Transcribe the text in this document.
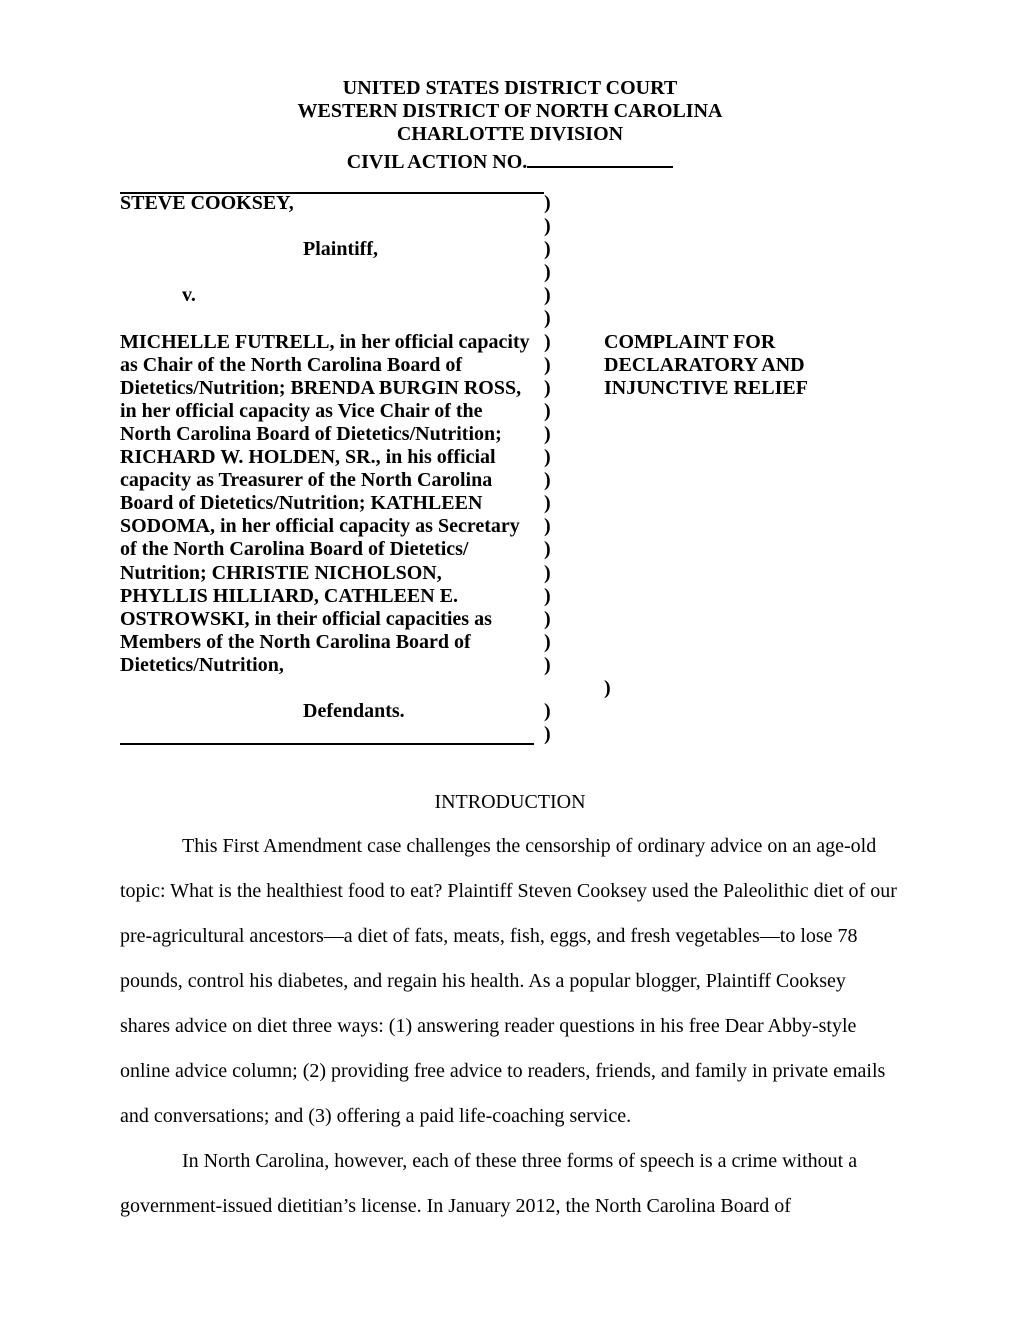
UNITED STATES DISTRICT COURT
WESTERN DISTRICT OF NORTH CAROLINA
CHARLOTTE DIVISION
CIVIL ACTION NO.
STEVE COOKSEY,	)
)
Plaintiff,	)
)
v.	)
)
MICHELLE FUTRELL, in her official capacity )	COMPLAINT FOR
as Chair of the North Carolina Board of	)	DECLARATORY AND
Dietetics/Nutrition; BRENDA BURGIN ROSS,	)	INJUNCTIVE RELIEF
in her official capacity as Vice Chair of the	)
North Carolina Board of Dietetics/Nutrition;	)
RICHARD W. HOLDEN, SR., in his official	)
capacity as Treasurer of the North Carolina	)
Board of Dietetics/Nutrition; KATHLEEN	)
SODOMA, in her official capacity as Secretary	)
of the North Carolina Board of Dietetics/	)
Nutrition; CHRISTIE NICHOLSON,	)
PHYLLIS HILLIARD, CATHLEEN E.	)
OSTROWSKI, in their official capacities as	)
Members of the North Carolina Board of	)
Dietetics/Nutrition,	)
)
Defendants.	)
)
INTRODUCTION
This First Amendment case challenges the censorship of ordinary advice on an age-old
topic: What is the healthiest food to eat? Plaintiff Steven Cooksey used the Paleolithic diet of our
pre-agricultural ancestors—a diet of fats, meats, fish, eggs, and fresh vegetables—to lose 78
pounds, control his diabetes, and regain his health. As a popular blogger, Plaintiff Cooksey
shares advice on diet three ways: (1) answering reader questions in his free Dear Abby-style
online advice column; (2) providing free advice to readers, friends, and family in private emails
and conversations; and (3) offering a paid life-coaching service.
In North Carolina, however, each of these three forms of speech is a crime without a
government-issued dietitian’s license. In January 2012, the North Carolina Board of
